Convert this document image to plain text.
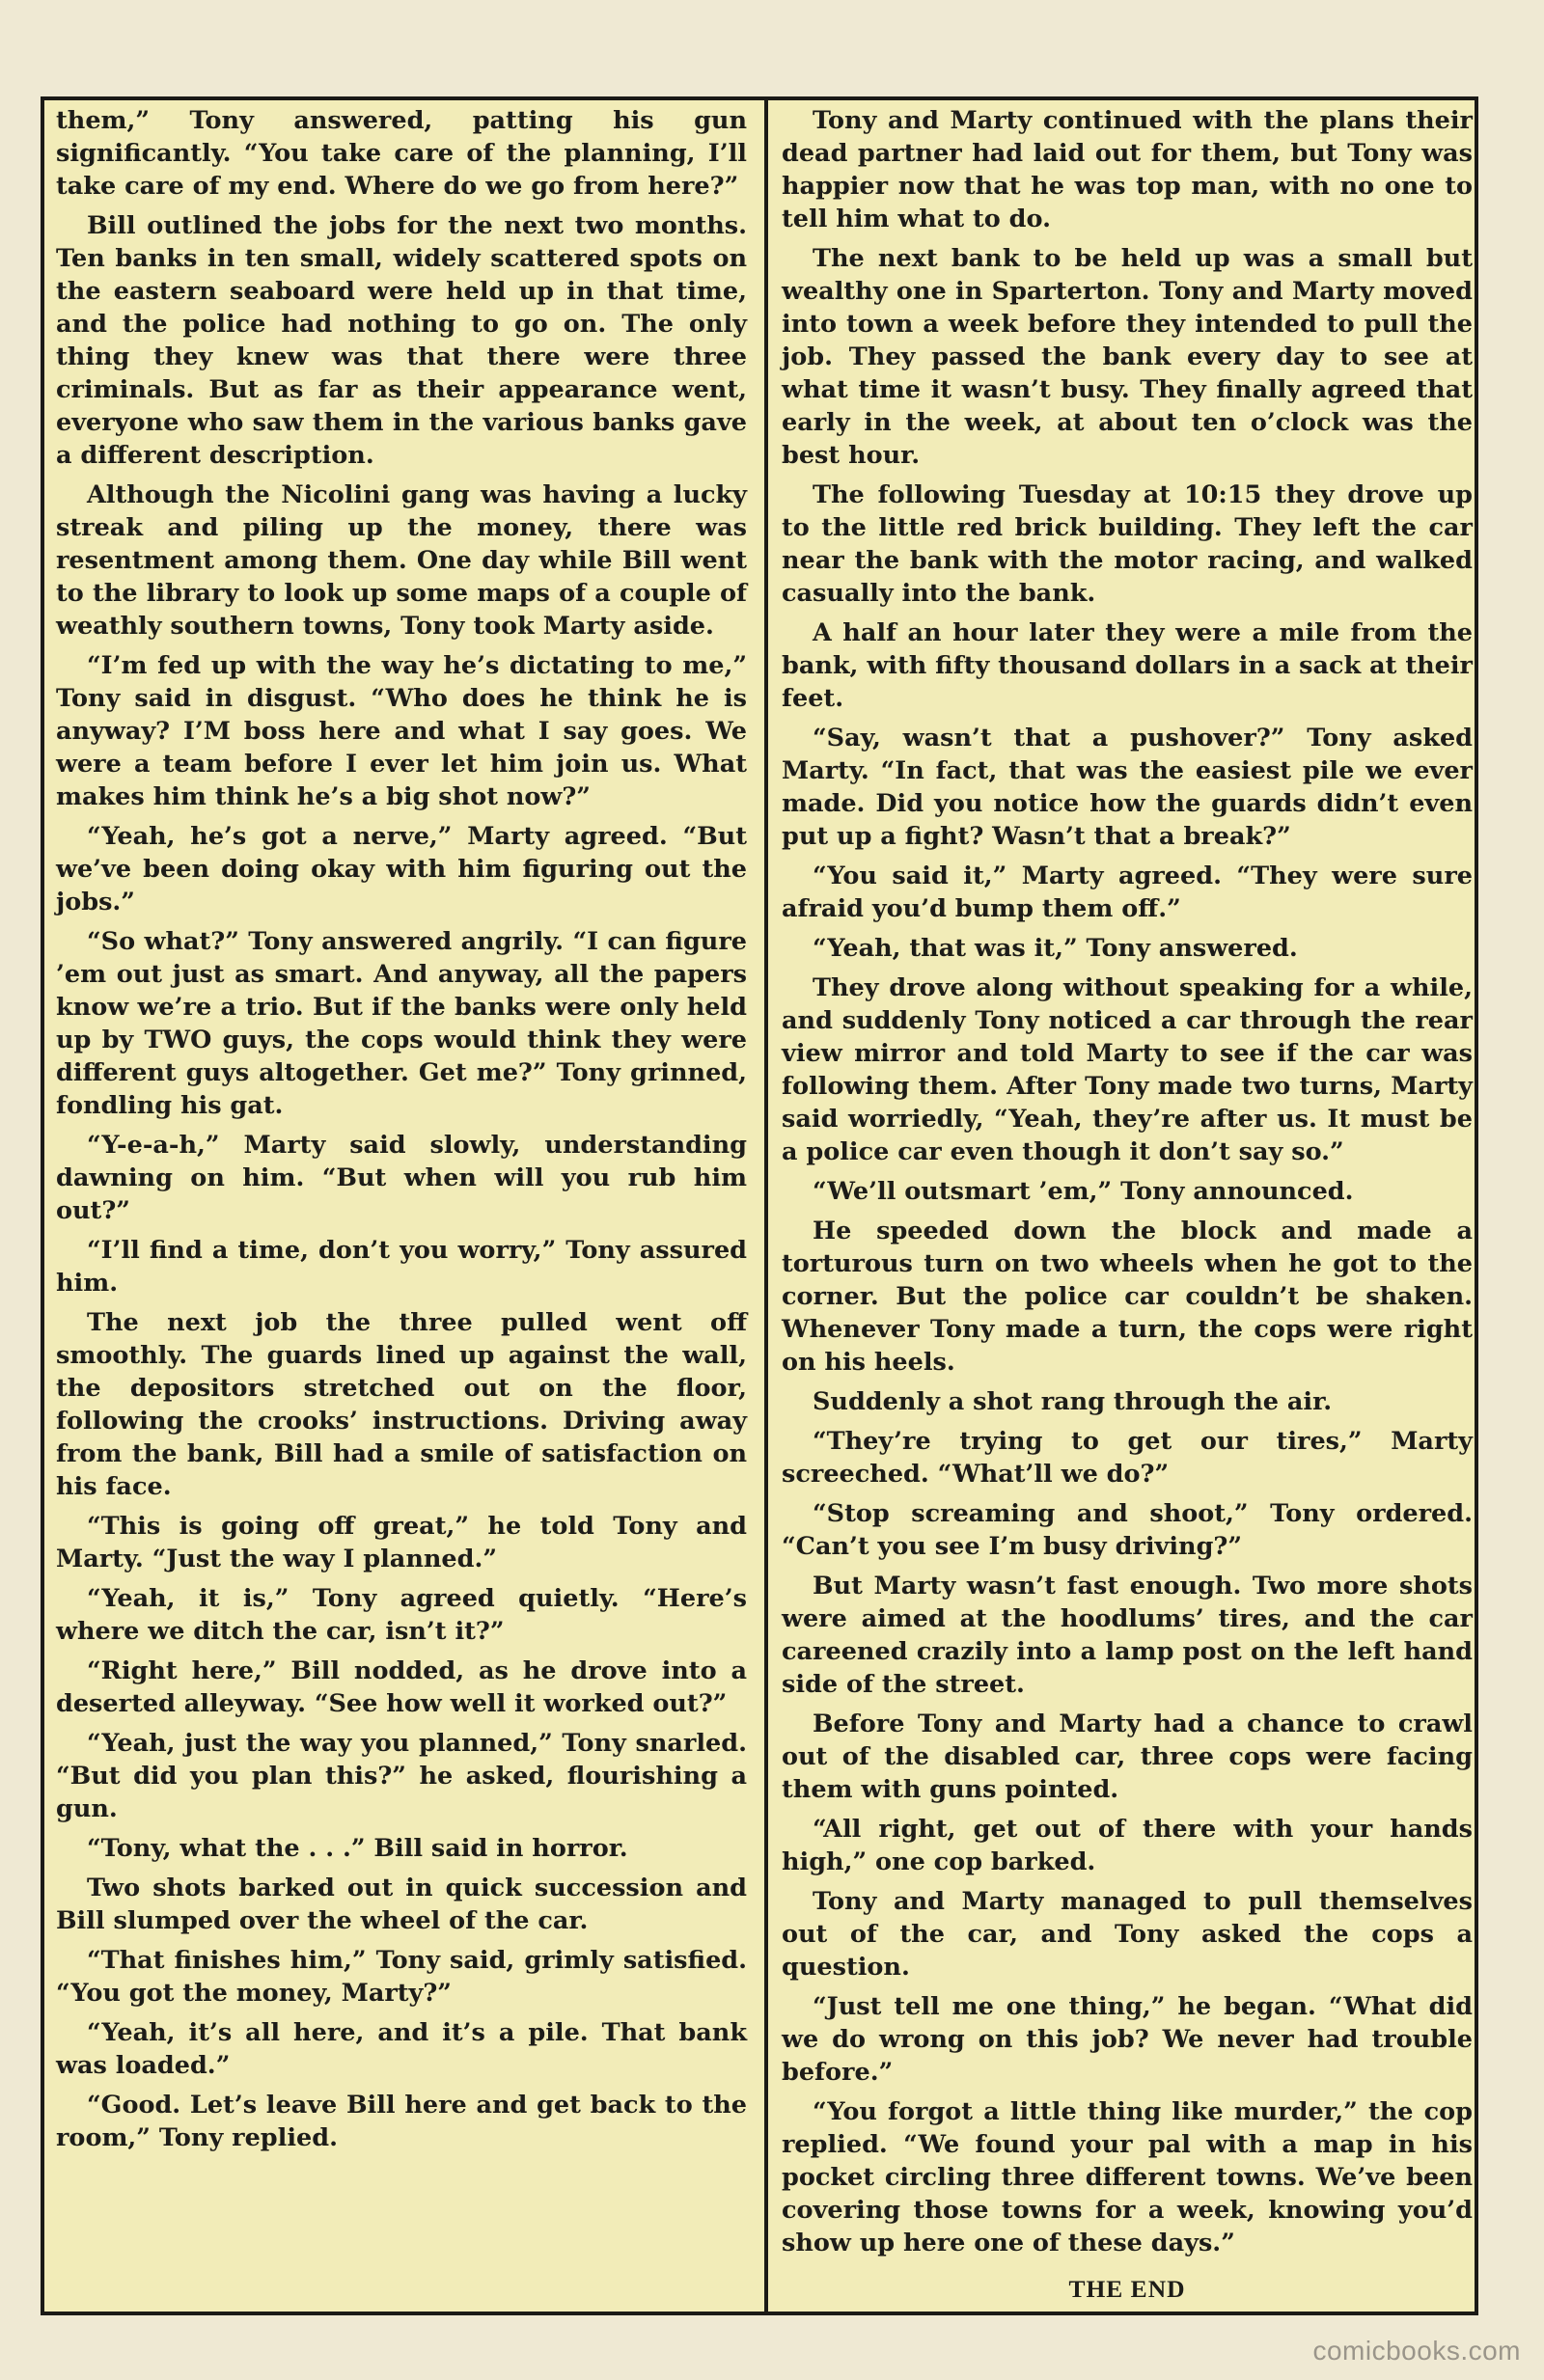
them,” Tony answered, patting his gun significantly. “You take care of the planning, I’ll take care of my end. Where do we go from here?”

Bill outlined the jobs for the next two months. Ten banks in ten small, widely scattered spots on the eastern seaboard were held up in that time, and the police had nothing to go on. The only thing they knew was that there were three criminals. But as far as their appearance went, everyone who saw them in the various banks gave a different description.

Although the Nicolini gang was having a lucky streak and piling up the money, there was resentment among them. One day while Bill went to the library to look up some maps of a couple of weathly southern towns, Tony took Marty aside.

“I’m fed up with the way he’s dictating to me,” Tony said in disgust. “Who does he think he is anyway? I’M boss here and what I say goes. We were a team before I ever let him join us. What makes him think he’s a big shot now?”

“Yeah, he’s got a nerve,” Marty agreed. “But we’ve been doing okay with him figuring out the jobs.”

“So what?” Tony answered angrily. “I can figure ’em out just as smart. And anyway, all the papers know we’re a trio. But if the banks were only held up by TWO guys, the cops would think they were different guys altogether. Get me?” Tony grinned, fondling his gat.

“Y-e-a-h,” Marty said slowly, understanding dawning on him. “But when will you rub him out?”

“I’ll find a time, don’t you worry,” Tony assured him.

The next job the three pulled went off smoothly. The guards lined up against the wall, the depositors stretched out on the floor, following the crooks’ instructions. Driving away from the bank, Bill had a smile of satisfaction on his face.

“This is going off great,” he told Tony and Marty. “Just the way I planned.”

“Yeah, it is,” Tony agreed quietly. “Here’s where we ditch the car, isn’t it?”

“Right here,” Bill nodded, as he drove into a deserted alleyway. “See how well it worked out?”

“Yeah, just the way you planned,” Tony snarled. “But did you plan this?” he asked, flourishing a gun.

“Tony, what the . . .” Bill said in horror.

Two shots barked out in quick succession and Bill slumped over the wheel of the car.

“That finishes him,” Tony said, grimly satisfied. “You got the money, Marty?”

“Yeah, it’s all here, and it’s a pile. That bank was loaded.”

“Good. Let’s leave Bill here and get back to the room,” Tony replied.

Tony and Marty continued with the plans their dead partner had laid out for them, but Tony was happier now that he was top man, with no one to tell him what to do.

The next bank to be held up was a small but wealthy one in Sparterton. Tony and Marty moved into town a week before they intended to pull the job. They passed the bank every day to see at what time it wasn’t busy. They finally agreed that early in the week, at about ten o’clock was the best hour.

The following Tuesday at 10:15 they drove up to the little red brick building. They left the car near the bank with the motor racing, and walked casually into the bank.

A half an hour later they were a mile from the bank, with fifty thousand dollars in a sack at their feet.

“Say, wasn’t that a pushover?” Tony asked Marty. “In fact, that was the easiest pile we ever made. Did you notice how the guards didn’t even put up a fight? Wasn’t that a break?”

“You said it,” Marty agreed. “They were sure afraid you’d bump them off.”

“Yeah, that was it,” Tony answered.

They drove along without speaking for a while, and suddenly Tony noticed a car through the rear view mirror and told Marty to see if the car was following them. After Tony made two turns, Marty said worriedly, “Yeah, they’re after us. It must be a police car even though it don’t say so.”

“We’ll outsmart ’em,” Tony announced.

He speeded down the block and made a torturous turn on two wheels when he got to the corner. But the police car couldn’t be shaken. Whenever Tony made a turn, the cops were right on his heels.

Suddenly a shot rang through the air.

“They’re trying to get our tires,” Marty screeched. “What’ll we do?”

“Stop screaming and shoot,” Tony ordered. “Can’t you see I’m busy driving?”

But Marty wasn’t fast enough. Two more shots were aimed at the hoodlums’ tires, and the car careened crazily into a lamp post on the left hand side of the street.

Before Tony and Marty had a chance to crawl out of the disabled car, three cops were facing them with guns pointed.

“All right, get out of there with your hands high,” one cop barked.

Tony and Marty managed to pull themselves out of the car, and Tony asked the cops a question.

“Just tell me one thing,” he began. “What did we do wrong on this job? We never had trouble before.”

“You forgot a little thing like murder,” the cop replied. “We found your pal with a map in his pocket circling three different towns. We’ve been covering those towns for a week, knowing you’d show up here one of these days.”

THE END

comicbooks.com
